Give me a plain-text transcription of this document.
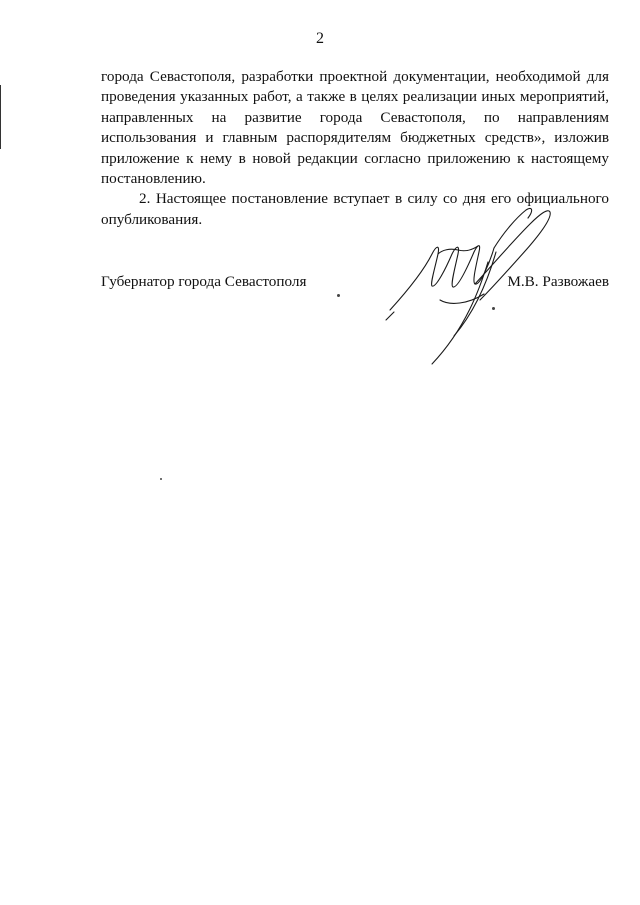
2

города Севастополя, разработки проектной документации, необходимой для проведения указанных работ, а также в целях реализации иных мероприятий, направленных на развитие города Севастополя, по направлениям использования и главным распорядителям бюджетных средств», изложив приложение к нему в новой редакции согласно приложению к настоящему постановлению.

2. Настоящее постановление вступает в силу со дня его официального опубликования.

Губернатор города Севастополя	М.В. Развожаев
